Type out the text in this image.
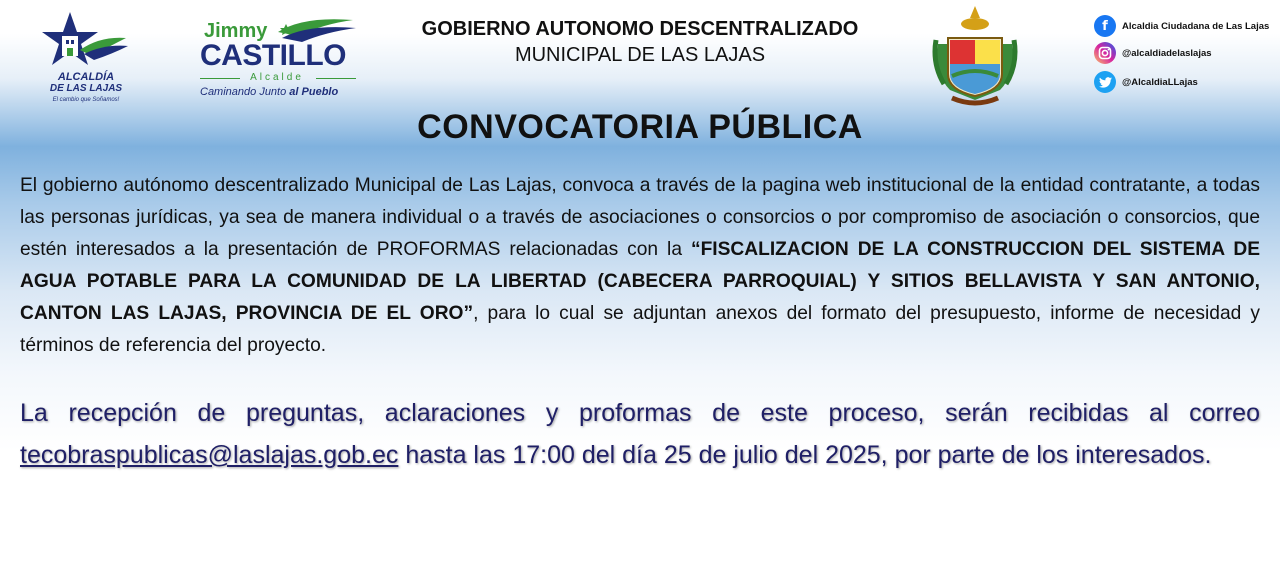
ALCALDÍA
DE LAS LAJAS
El cambio que Soñamos!
Jimmy
CASTILLO
Alcalde
Caminando Junto al Pueblo
GOBIERNO AUTONOMO DESCENTRALIZADO
MUNICIPAL DE LAS LAJAS
f	Alcaldia Ciudadana de Las Lajas
@alcaldiadelaslajas
@AlcaldiaLLajas
CONVOCATORIA PÚBLICA
El gobierno autónomo descentralizado Municipal de Las Lajas, convoca a través de la pagina web institucional de la entidad contratante, a todas las personas jurídicas, ya sea de manera individual o a través de asociaciones o consorcios o por compromiso de asociación o consorcios, que estén interesados a la presentación de PROFORMAS relacionadas con la “FISCALIZACION DE LA CONSTRUCCION DEL SISTEMA DE AGUA POTABLE PARA LA COMUNIDAD DE LA LIBERTAD (CABECERA PARROQUIAL) Y SITIOS BELLAVISTA Y SAN ANTONIO, CANTON LAS LAJAS, PROVINCIA DE EL ORO”, para lo cual se adjuntan anexos del formato del presupuesto, informe de necesidad y términos de referencia del proyecto.
La recepción de preguntas, aclaraciones y proformas de este proceso, serán recibidas al correo tecobraspublicas@laslajas.gob.ec hasta las 17:00 del día 25 de julio del 2025, por parte de los interesados.
